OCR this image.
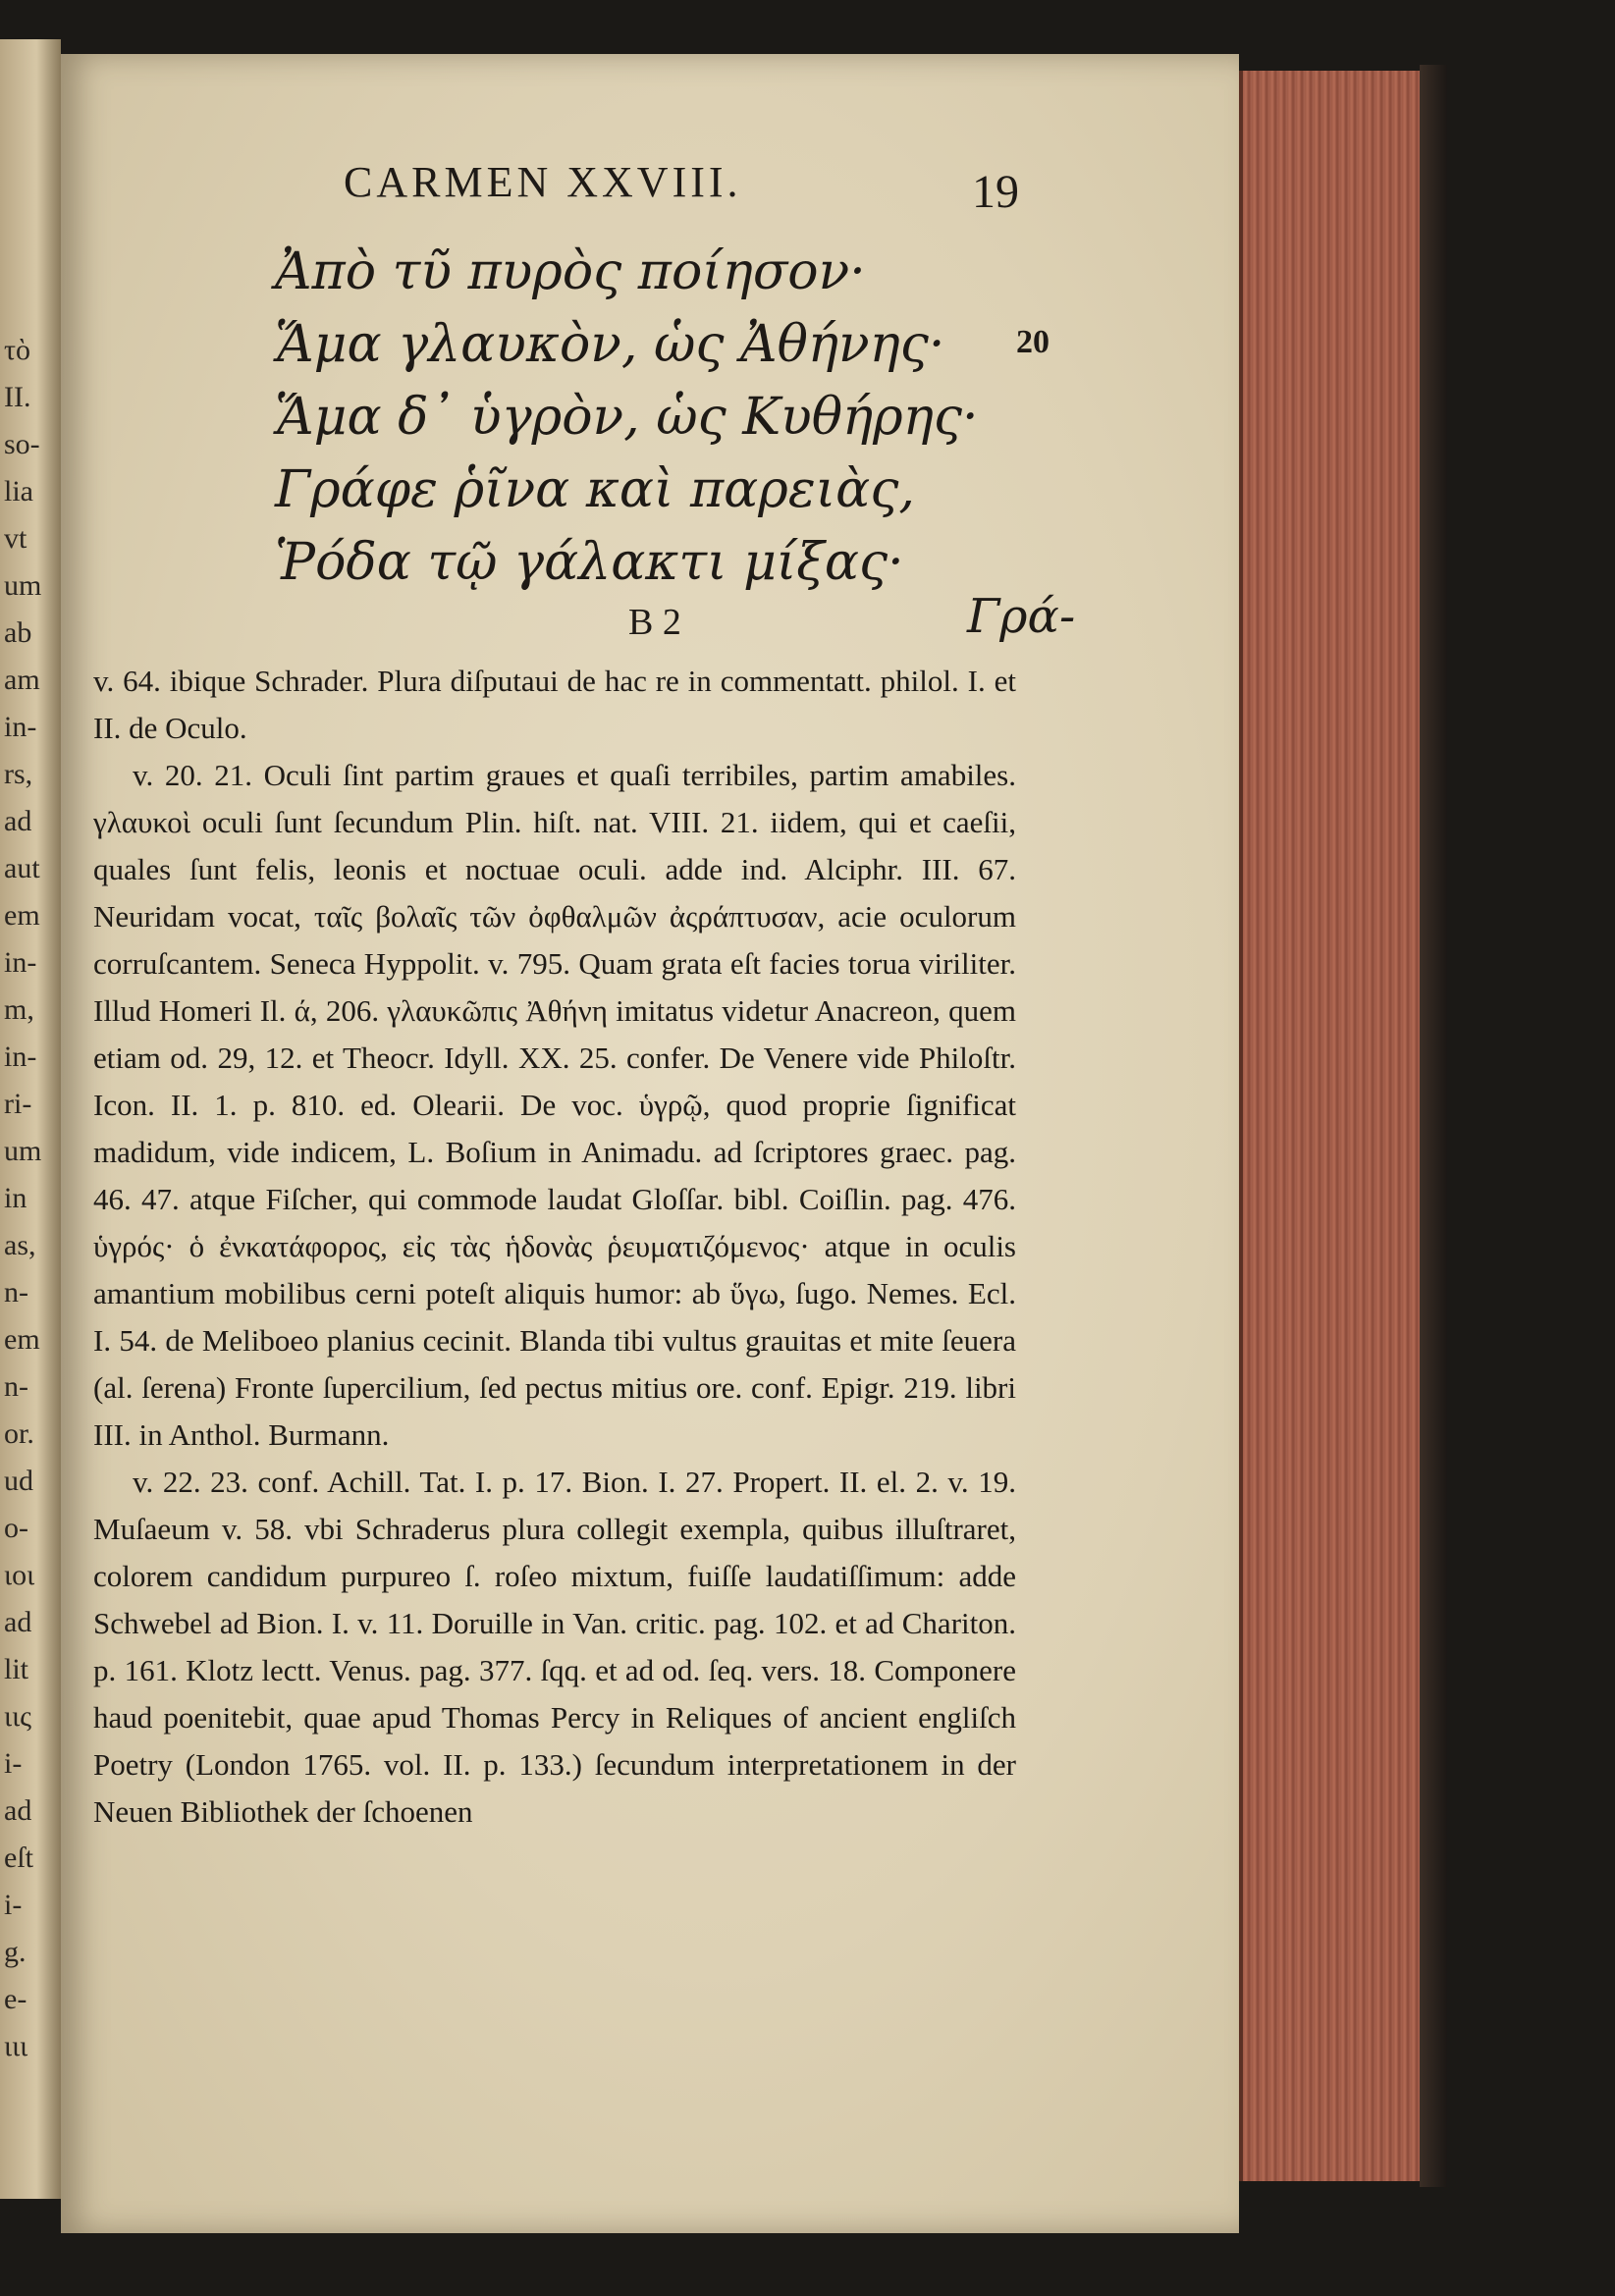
τὸ
II.
so-
lia
vt
um
ab
am
in-
rs,
ad
aut
em
in-
m,
in-
ri-
um
in
as,
n-
em
n-
or.
ud
o-
ιοι
ad
lit
ιις
i-
ad
eſt
i-
g.
e-
ιιι
CARMEN XXVIII.	19
Ἀπὸ τῦ πυρὸς ποίησον·
Ἅμα γλαυκὸν, ὡς Ἀθήνης·
Ἅμα δ᾽ ὑγρὸν, ὡς Κυθήρης·
Γράφε ῥῖνα καὶ παρειὰς,
Ῥόδα τῷ γάλακτι μίξας·
20
B 2	Γρά-

v. 64. ibique Schrader. Plura diſputaui de hac re in commentatt. philol. I. et II. de Oculo.

v. 20. 21. Oculi ſint partim graues et quaſi terribiles, partim amabiles. γλαυκοὶ oculi ſunt ſecundum Plin. hiſt. nat. VIII. 21. iidem, qui et caeſii, quales ſunt felis, leonis et noctuae oculi. adde ind. Alciphr. III. 67. Neuridam vocat, ταῖς βολαῖς τῶν ὀφθαλμῶν ἀςράπτυσαν, acie oculorum corruſcantem. Seneca Hyppolit. v. 795. Quam grata eſt facies torua viriliter. Illud Homeri Il. ά, 206. γλαυκῶπις Ἀθήνη imitatus videtur Anacreon, quem etiam od. 29, 12. et Theocr. Idyll. XX. 25. confer. De Venere vide Philoſtr. Icon. II. 1. p. 810. ed. Olearii. De voc. ὑγρῷ, quod proprie ſignificat madidum, vide indicem, L. Boſium in Animadu. ad ſcriptores graec. pag. 46. 47. atque Fiſcher, qui commode laudat Gloſſar. bibl. Coiſlin. pag. 476. ὑγρός· ὁ ἐνκατάφορος, εἰς τὰς ἡδονὰς ῥευματιζόμενος· atque in oculis amantium mobilibus cerni poteſt aliquis humor: ab ὕγω, ſugo. Nemes. Ecl. I. 54. de Meliboeo planius cecinit. Blanda tibi vultus grauitas et mite ſeuera (al. ſerena) Fronte ſupercilium, ſed pectus mitius ore. conf. Epigr. 219. libri III. in Anthol. Burmann.

v. 22. 23. conf. Achill. Tat. I. p. 17. Bion. I. 27. Propert. II. el. 2. v. 19. Muſaeum v. 58. vbi Schraderus plura collegit exempla, quibus illuſtraret, colorem candidum purpureo ſ. roſeo mixtum, fuiſſe laudatiſſimum: adde Schwebel ad Bion. I. v. 11. Doruille in Van. critic. pag. 102. et ad Chariton. p. 161. Klotz lectt. Venus. pag. 377. ſqq. et ad od. ſeq. vers. 18. Componere haud poenitebit, quae apud Thomas Percy in Reliques of ancient engliſch Poetry (London 1765. vol. II. p. 133.) ſecundum interpretationem in der Neuen Bibliothek der ſchoenen
